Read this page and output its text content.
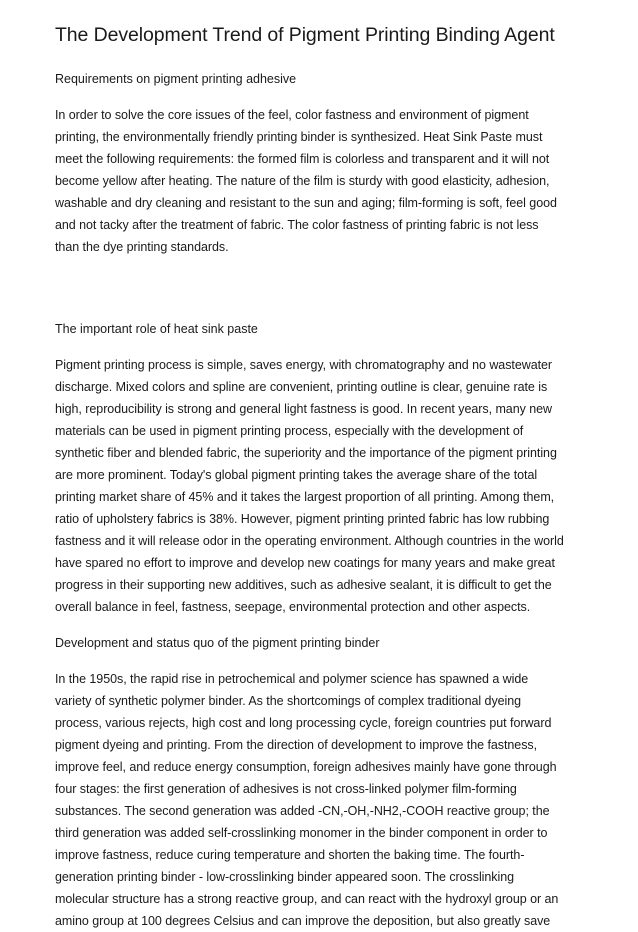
The Development Trend of Pigment Printing Binding Agent
Requirements on pigment printing adhesive

In order to solve the core issues of the feel, color fastness and environment of pigment
printing, the environmentally friendly printing binder is synthesized. Heat Sink Paste must
meet the following requirements: the formed film is colorless and transparent and it will not
become yellow after heating. The nature of the film is sturdy with good elasticity, adhesion,
washable and dry cleaning and resistant to the sun and aging; film-forming is soft, feel good
and not tacky after the treatment of fabric. The color fastness of printing fabric is not less
than the dye printing standards.

The important role of heat sink paste

Pigment printing process is simple, saves energy, with chromatography and no wastewater
discharge. Mixed colors and spline are convenient, printing outline is clear, genuine rate is
high, reproducibility is strong and general light fastness is good. In recent years, many new
materials can be used in pigment printing process, especially with the development of
synthetic fiber and blended fabric, the superiority and the importance of the pigment printing
are more prominent. Today's global pigment printing takes the average share of the total
printing market share of 45% and it takes the largest proportion of all printing. Among them,
ratio of upholstery fabrics is 38%. However, pigment printing printed fabric has low rubbing
fastness and it will release odor in the operating environment. Although countries in the world
have spared no effort to improve and develop new coatings for many years and make great
progress in their supporting new additives, such as adhesive sealant, it is difficult to get the
overall balance in feel, fastness, seepage, environmental protection and other aspects.

Development and status quo of the pigment printing binder

In the 1950s, the rapid rise in petrochemical and polymer science has spawned a wide
variety of synthetic polymer binder. As the shortcomings of complex traditional dyeing
process, various rejects, high cost and long processing cycle, foreign countries put forward
pigment dyeing and printing. From the direction of development to improve the fastness,
improve feel, and reduce energy consumption, foreign adhesives mainly have gone through
four stages: the first generation of adhesives is not cross-linked polymer film-forming
substances. The second generation was added -CN,-OH,-NH2,-COOH reactive group; the
third generation was added self-crosslinking monomer in the binder component in order to
improve fastness, reduce curing temperature and shorten the baking time. The fourth-
generation printing binder - low-crosslinking binder appeared soon. The crosslinking
molecular structure has a strong reactive group, and can react with the hydroxyl group or an
amino group at 100 degrees Celsius and can improve the deposition, but also greatly save
